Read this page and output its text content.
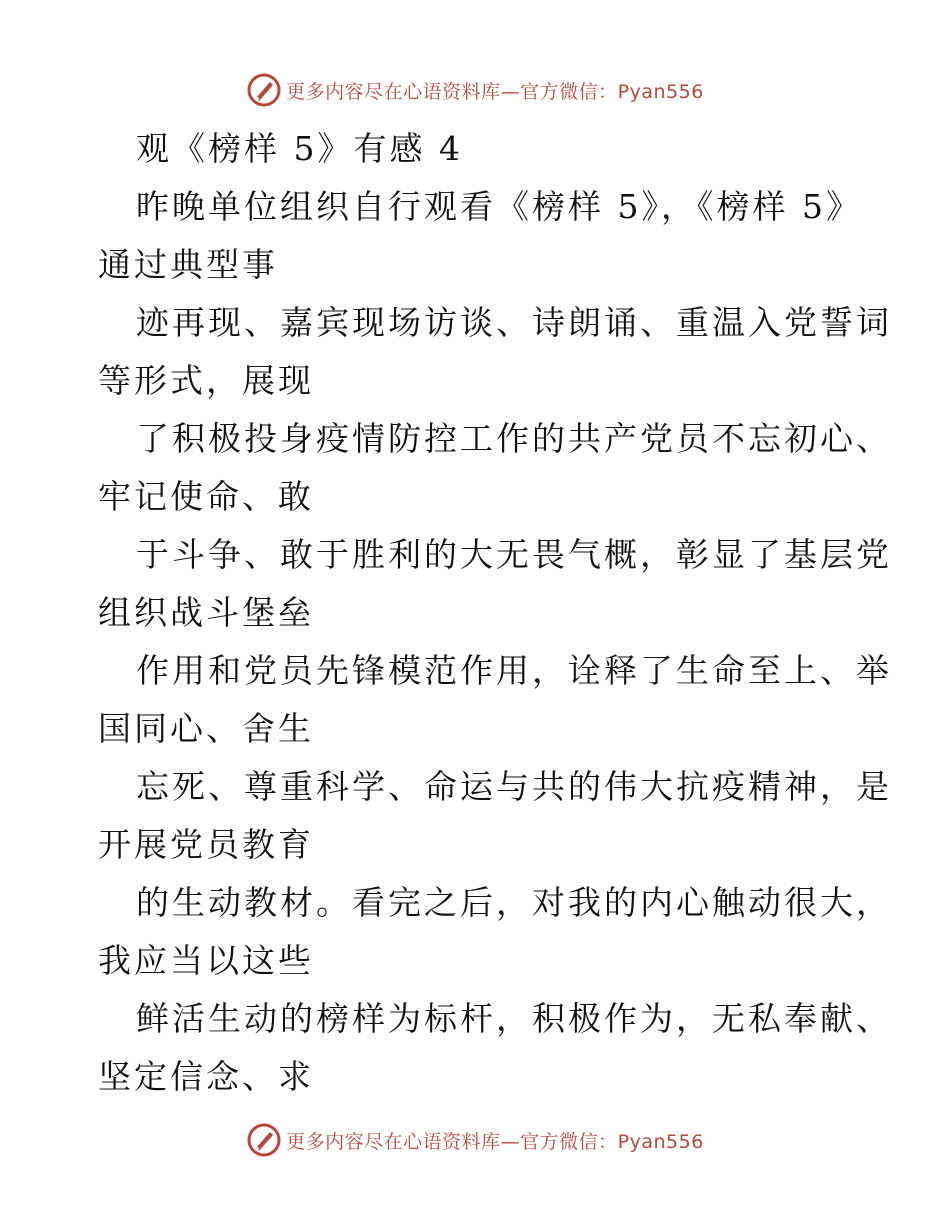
更多内容尽在心语资料库—官方微信：Pyan556
观《榜样 5》有感 4
昨晚单位组织自行观看《榜样 5》，《榜样 5》
通过典型事
迹再现、嘉宾现场访谈、诗朗诵、重温入党誓词
等形式，展现
了积极投身疫情防控工作的共产党员不忘初心、
牢记使命、敢
于斗争、敢于胜利的大无畏气概，彰显了基层党
组织战斗堡垒
作用和党员先锋模范作用，诠释了生命至上、举
国同心、舍生
忘死、尊重科学、命运与共的伟大抗疫精神，是
开展党员教育
的生动教材。看完之后，对我的内心触动很大，
我应当以这些
鲜活生动的榜样为标杆，积极作为，无私奉献、
坚定信念、求
更多内容尽在心语资料库—官方微信：Pyan556
